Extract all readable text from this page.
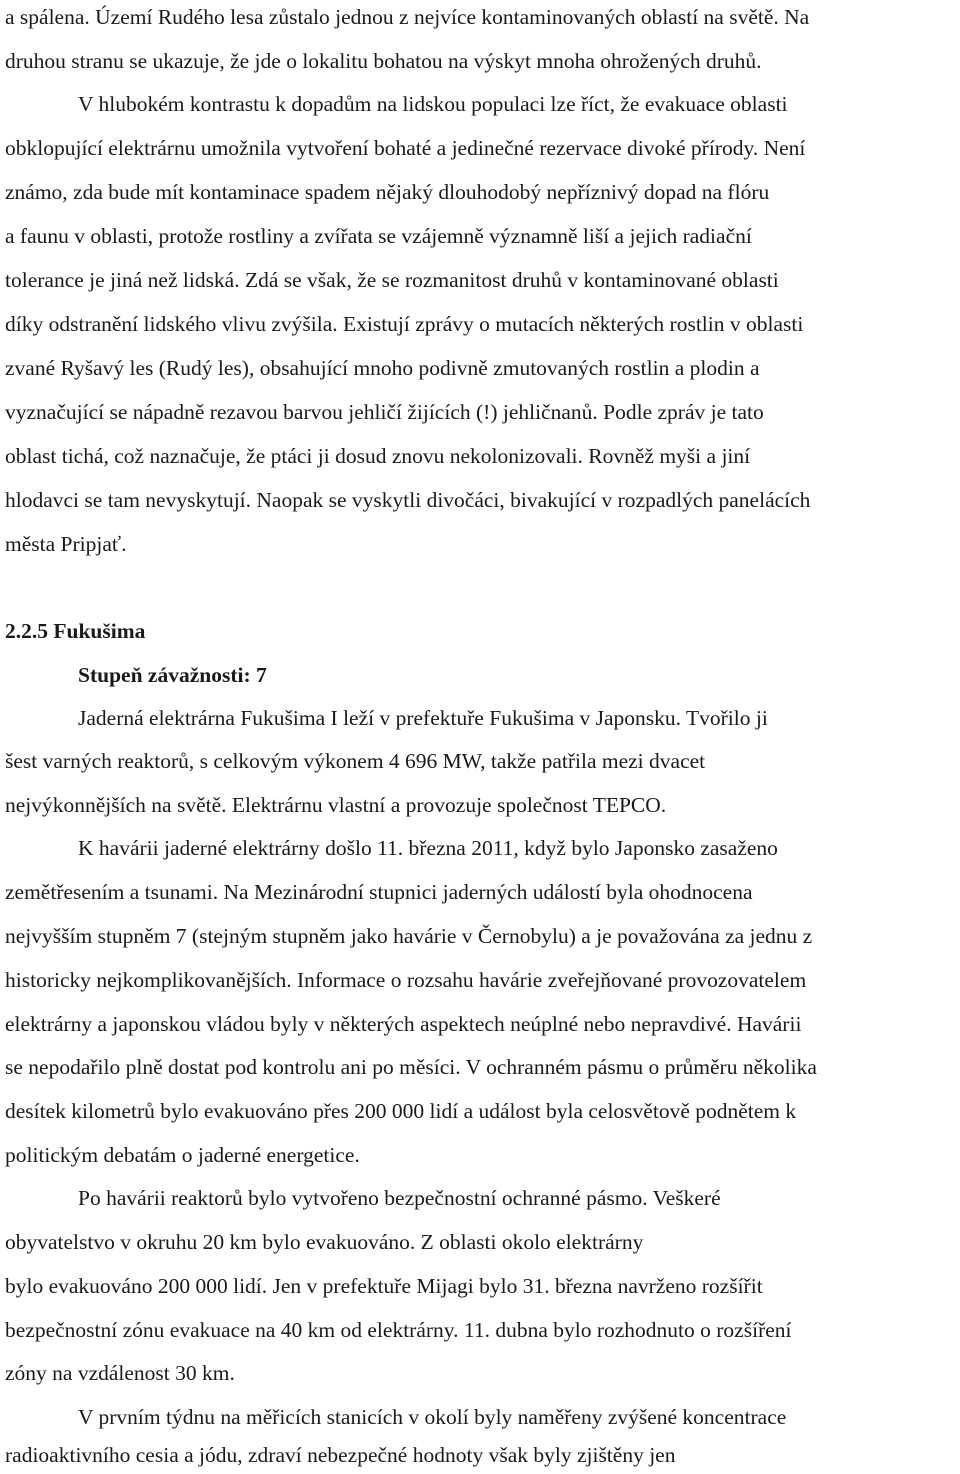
a spálena. Území Rudého lesa zůstalo jednou z nejvíce kontaminovaných oblastí na světě. Na
druhou stranu se ukazuje, že jde o lokalitu bohatou na výskyt mnoha ohrožených druhů.
V hlubokém kontrastu k dopadům na lidskou populaci lze říct, že evakuace oblasti
obklopující elektrárnu umožnila vytvoření bohaté a jedinečné rezervace divoké přírody. Není
známo, zda bude mít kontaminace spadem nějaký dlouhodobý nepříznivý dopad na flóru
a faunu v oblasti, protože rostliny a zvířata se vzájemně významně liší a jejich radiační
tolerance je jiná než lidská. Zdá se však, že se rozmanitost druhů v kontaminované oblasti
díky odstranění lidského vlivu zvýšila. Existují zprávy o mutacích některých rostlin v oblasti
zvané Ryšavý les (Rudý les), obsahující mnoho podivně zmutovaných rostlin a plodin a
vyznačující se nápadně rezavou barvou jehličí žijících (!) jehličnanů. Podle zpráv je tato
oblast tichá, což naznačuje, že ptáci ji dosud znovu nekolonizovali. Rovněž myši a jiní
hlodavci se tam nevyskytují. Naopak se vyskytli divočáci, bivakující v rozpadlých panelácích
města Pripjať.
2.2.5 Fukušima
Stupeň závažnosti: 7
Jaderná elektrárna Fukušima I leží v prefektuře Fukušima v Japonsku. Tvořilo ji
šest varných reaktorů, s celkovým výkonem 4 696 MW, takže patřila mezi dvacet
nejvýkonnějších na světě. Elektrárnu vlastní a provozuje společnost TEPCO.
K havárii jaderné elektrárny došlo 11. března 2011, když bylo Japonsko zasaženo
zemětřesením a tsunami. Na Mezinárodní stupnici jaderných událostí byla ohodnocena
nejvyšším stupněm 7 (stejným stupněm jako havárie v Černobylu) a je považována za jednu z
historicky nejkomplikovanějších. Informace o rozsahu havárie zveřejňované provozovatelem
elektrárny a japonskou vládou byly v některých aspektech neúplné nebo nepravdivé. Havárii
se nepodařilo plně dostat pod kontrolu ani po měsíci. V ochranném pásmu o průměru několika
desítek kilometrů bylo evakuováno přes 200 000 lidí a událost byla celosvětově podnětem k
politickým debatám o jaderné energetice.
Po havárii reaktorů bylo vytvořeno bezpečnostní ochranné pásmo. Veškeré
obyvatelstvo v okruhu 20 km bylo evakuováno. Z oblasti okolo elektrárny
bylo evakuováno 200 000 lidí. Jen v prefektuře Mijagi bylo 31. března navrženo rozšířit
bezpečnostní zónu evakuace na 40 km od elektrárny. 11. dubna bylo rozhodnuto o rozšíření
zóny na vzdálenost 30 km.
V prvním týdnu na měřicích stanicích v okolí byly naměřeny zvýšené koncentrace
radioaktivního cesia a jódu, zdraví nebezpečné hodnoty však byly zjištěny jen
